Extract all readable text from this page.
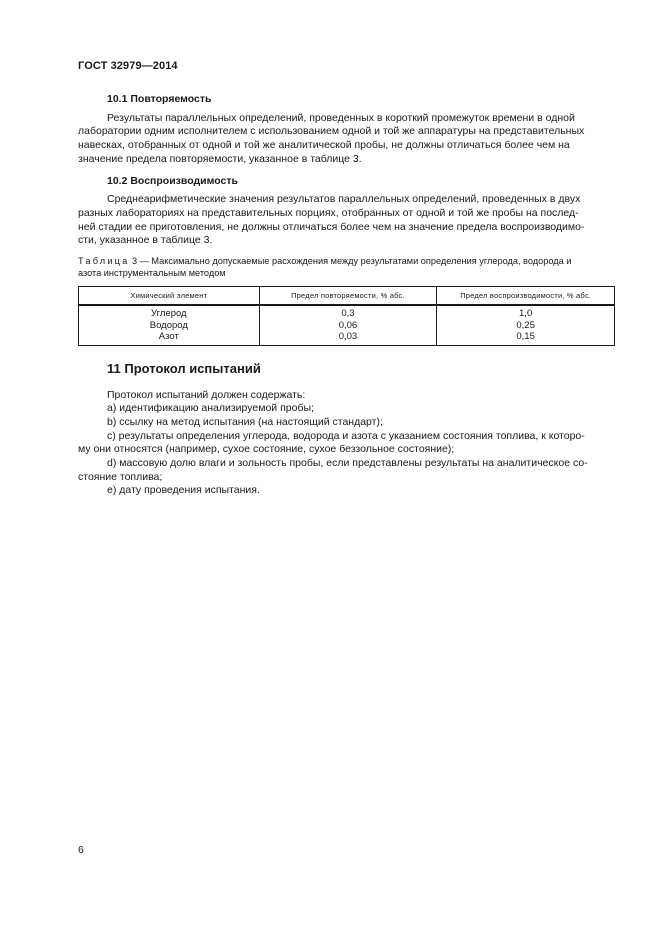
ГОСТ 32979—2014
10.1 Повторяемость
Результаты параллельных определений, проведенных в короткий промежуток времени в одной
лаборатории одним исполнителем с использованием одной и той же аппаратуры на представительных
навесках, отобранных от одной и той же аналитической пробы, не должны отличаться более чем на
значение предела повторяемости, указанное в таблице 3.
10.2 Воспроизводимость
Среднеарифметические значения результатов параллельных определений, проведенных в двух
разных лабораториях на представительных порциях, отобранных от одной и той же пробы на послед-
ней стадии ее приготовления, не должны отличаться более чем на значение предела воспроизводимо-
сти, указанное в таблице 3.
Таблица 3 — Максимально допускаемые расхождения между результатами определения углерода, водорода и
азота инструментальным методом
Химический элемент	Предел повторяемости, % абс.	Предел воспроизводимости, % абс.
Углерод	0,3	1,0
Водород	0,06	0,25
Азот	0,03	0,15
11 Протокол испытаний
Протокол испытаний должен содержать:
а) идентификацию анализируемой пробы;
b) ссылку на метод испытания (на настоящий стандарт);
с) результаты определения углерода, водорода и азота с указанием состояния топлива, к которо-
му они относятся (например, сухое состояние, сухое беззольное состояние);
d) массовую долю влаги и зольность пробы, если представлены результаты на аналитическое со-
стояние топлива;
е) дату проведения испытания.
6
